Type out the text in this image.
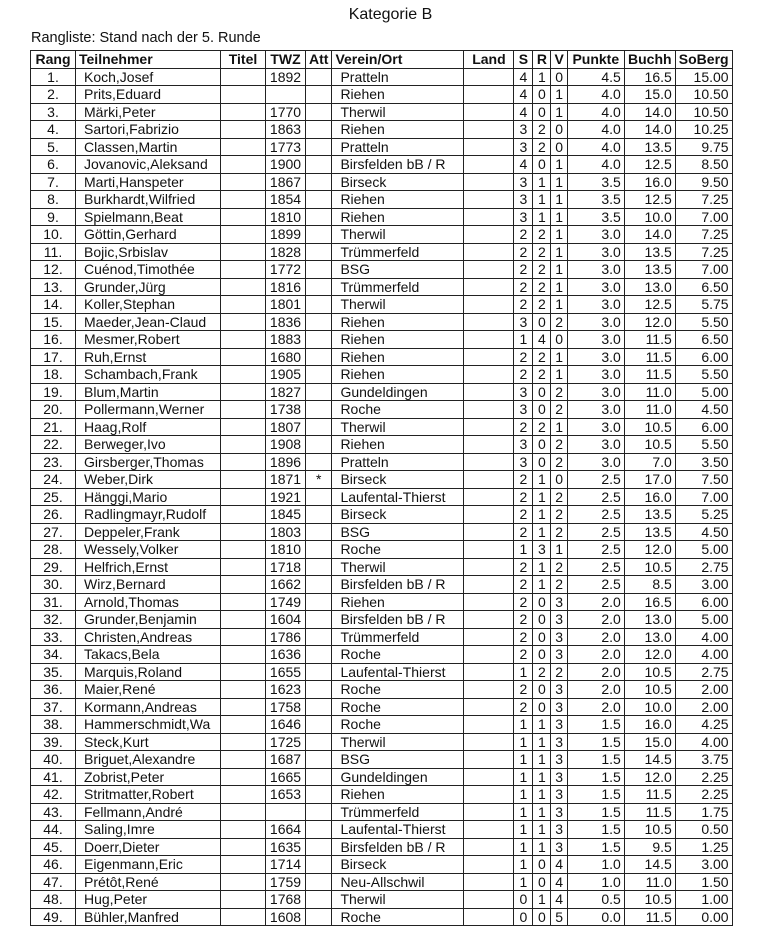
Kategorie B
Rangliste: Stand nach der 5. Runde
Rang	Teilnehmer	Titel	TWZ	Att	Verein/Ort	Land	S	R	V	Punkte	Buchh	SoBerg
1.	Koch,Josef		1892		Pratteln		4	1	0	4.5	16.5	15.00
2.	Prits,Eduard				Riehen		4	0	1	4.0	15.0	10.50
3.	Märki,Peter		1770		Therwil		4	0	1	4.0	14.0	10.50
4.	Sartori,Fabrizio		1863		Riehen		3	2	0	4.0	14.0	10.25
5.	Classen,Martin		1773		Pratteln		3	2	0	4.0	13.5	9.75
6.	Jovanovic,Aleksand		1900		Birsfelden bB / R		4	0	1	4.0	12.5	8.50
7.	Marti,Hanspeter		1867		Birseck		3	1	1	3.5	16.0	9.50
8.	Burkhardt,Wilfried		1854		Riehen		3	1	1	3.5	12.5	7.25
9.	Spielmann,Beat		1810		Riehen		3	1	1	3.5	10.0	7.00
10.	Göttin,Gerhard		1899		Therwil		2	2	1	3.0	14.0	7.25
11.	Bojic,Srbislav		1828		Trümmerfeld		2	2	1	3.0	13.5	7.25
12.	Cuénod,Timothée		1772		BSG		2	2	1	3.0	13.5	7.00
13.	Grunder,Jürg		1816		Trümmerfeld		2	2	1	3.0	13.0	6.50
14.	Koller,Stephan		1801		Therwil		2	2	1	3.0	12.5	5.75
15.	Maeder,Jean-Claud		1836		Riehen		3	0	2	3.0	12.0	5.50
16.	Mesmer,Robert		1883		Riehen		1	4	0	3.0	11.5	6.50
17.	Ruh,Ernst		1680		Riehen		2	2	1	3.0	11.5	6.00
18.	Schambach,Frank		1905		Riehen		2	2	1	3.0	11.5	5.50
19.	Blum,Martin		1827		Gundeldingen		3	0	2	3.0	11.0	5.00
20.	Pollermann,Werner		1738		Roche		3	0	2	3.0	11.0	4.50
21.	Haag,Rolf		1807		Therwil		2	2	1	3.0	10.5	6.00
22.	Berweger,Ivo		1908		Riehen		3	0	2	3.0	10.5	5.50
23.	Girsberger,Thomas		1896		Pratteln		3	0	2	3.0	7.0	3.50
24.	Weber,Dirk		1871	*	Birseck		2	1	0	2.5	17.0	7.50
25.	Hänggi,Mario		1921		Laufental-Thierst		2	1	2	2.5	16.0	7.00
26.	Radlingmayr,Rudolf		1845		Birseck		2	1	2	2.5	13.5	5.25
27.	Deppeler,Frank		1803		BSG		2	1	2	2.5	13.5	4.50
28.	Wessely,Volker		1810		Roche		1	3	1	2.5	12.0	5.00
29.	Helfrich,Ernst		1718		Therwil		2	1	2	2.5	10.5	2.75
30.	Wirz,Bernard		1662		Birsfelden bB / R		2	1	2	2.5	8.5	3.00
31.	Arnold,Thomas		1749		Riehen		2	0	3	2.0	16.5	6.00
32.	Grunder,Benjamin		1604		Birsfelden bB / R		2	0	3	2.0	13.0	5.00
33.	Christen,Andreas		1786		Trümmerfeld		2	0	3	2.0	13.0	4.00
34.	Takacs,Bela		1636		Roche		2	0	3	2.0	12.0	4.00
35.	Marquis,Roland		1655		Laufental-Thierst		1	2	2	2.0	10.5	2.75
36.	Maier,René		1623		Roche		2	0	3	2.0	10.5	2.00
37.	Kormann,Andreas		1758		Roche		2	0	3	2.0	10.0	2.00
38.	Hammerschmidt,Wa		1646		Roche		1	1	3	1.5	16.0	4.25
39.	Steck,Kurt		1725		Therwil		1	1	3	1.5	15.0	4.00
40.	Briguet,Alexandre		1687		BSG		1	1	3	1.5	14.5	3.75
41.	Zobrist,Peter		1665		Gundeldingen		1	1	3	1.5	12.0	2.25
42.	Stritmatter,Robert		1653		Riehen		1	1	3	1.5	11.5	2.25
43.	Fellmann,André				Trümmerfeld		1	1	3	1.5	11.5	1.75
44.	Saling,Imre		1664		Laufental-Thierst		1	1	3	1.5	10.5	0.50
45.	Doerr,Dieter		1635		Birsfelden bB / R		1	1	3	1.5	9.5	1.25
46.	Eigenmann,Eric		1714		Birseck		1	0	4	1.0	14.5	3.00
47.	Prétôt,René		1759		Neu-Allschwil		1	0	4	1.0	11.0	1.50
48.	Hug,Peter		1768		Therwil		0	1	4	0.5	10.5	1.00
49.	Bühler,Manfred		1608		Roche		0	0	5	0.0	11.5	0.00
